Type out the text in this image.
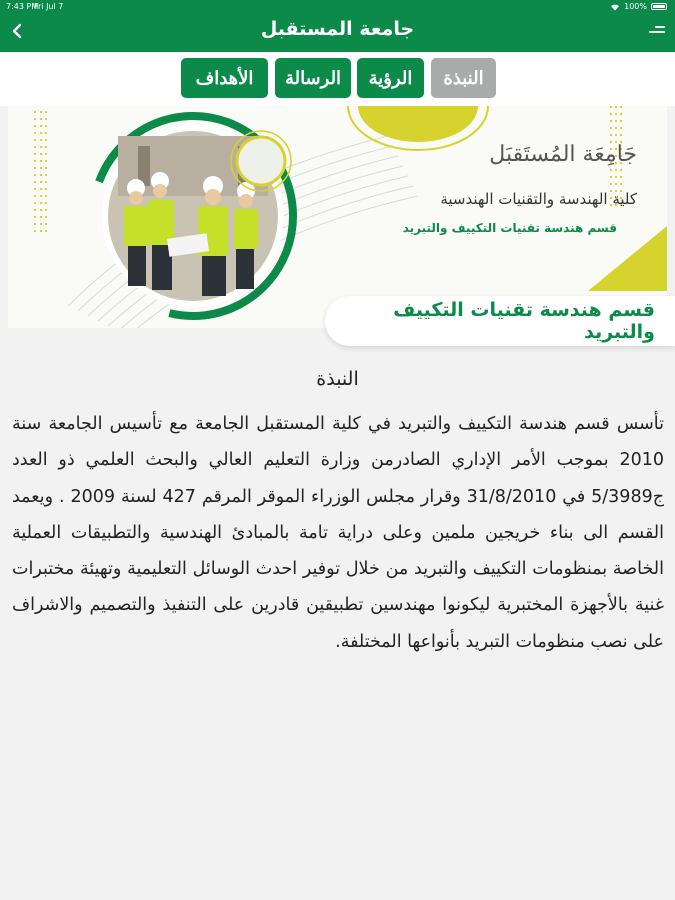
7:43 PM
Fri Jul 7	100%
جامعة المستقبل
الأهداف	الرسالة	الرؤية	النبذة
جَامِعَة المُستَقبَل
كلية الهندسة والتقنيات الهندسية
قسم هندسة تقنيات التكييف والتبريد
قسم هندسة تقنيات التكييف والتبريد
النبذة

تأسس قسم هندسة التكييف والتبريد في كلية المستقبل الجامعة مع تأسيس الجامعة سنة 2010 بموجب الأمر الإداري الصادرمن وزارة التعليم العالي والبحث العلمي ذو العدد ج5/3989 في 31/8/2010 وقرار مجلس الوزراء الموقر المرقم 427 لسنة 2009 . ويعمد القسم الى بناء خريجين ملمين وعلى دراية تامة بالمبادئ الهندسية والتطبيقات العملية الخاصة بمنظومات التكييف والتبريد من خلال توفير احدث الوسائل التعليمية وتهيئة مختبرات غنية بالأجهزة المختبرية ليكونوا مهندسين تطبيقين قادرين على التنفيذ والتصميم والاشراف على نصب منظومات التبريد بأنواعها المختلفة.
